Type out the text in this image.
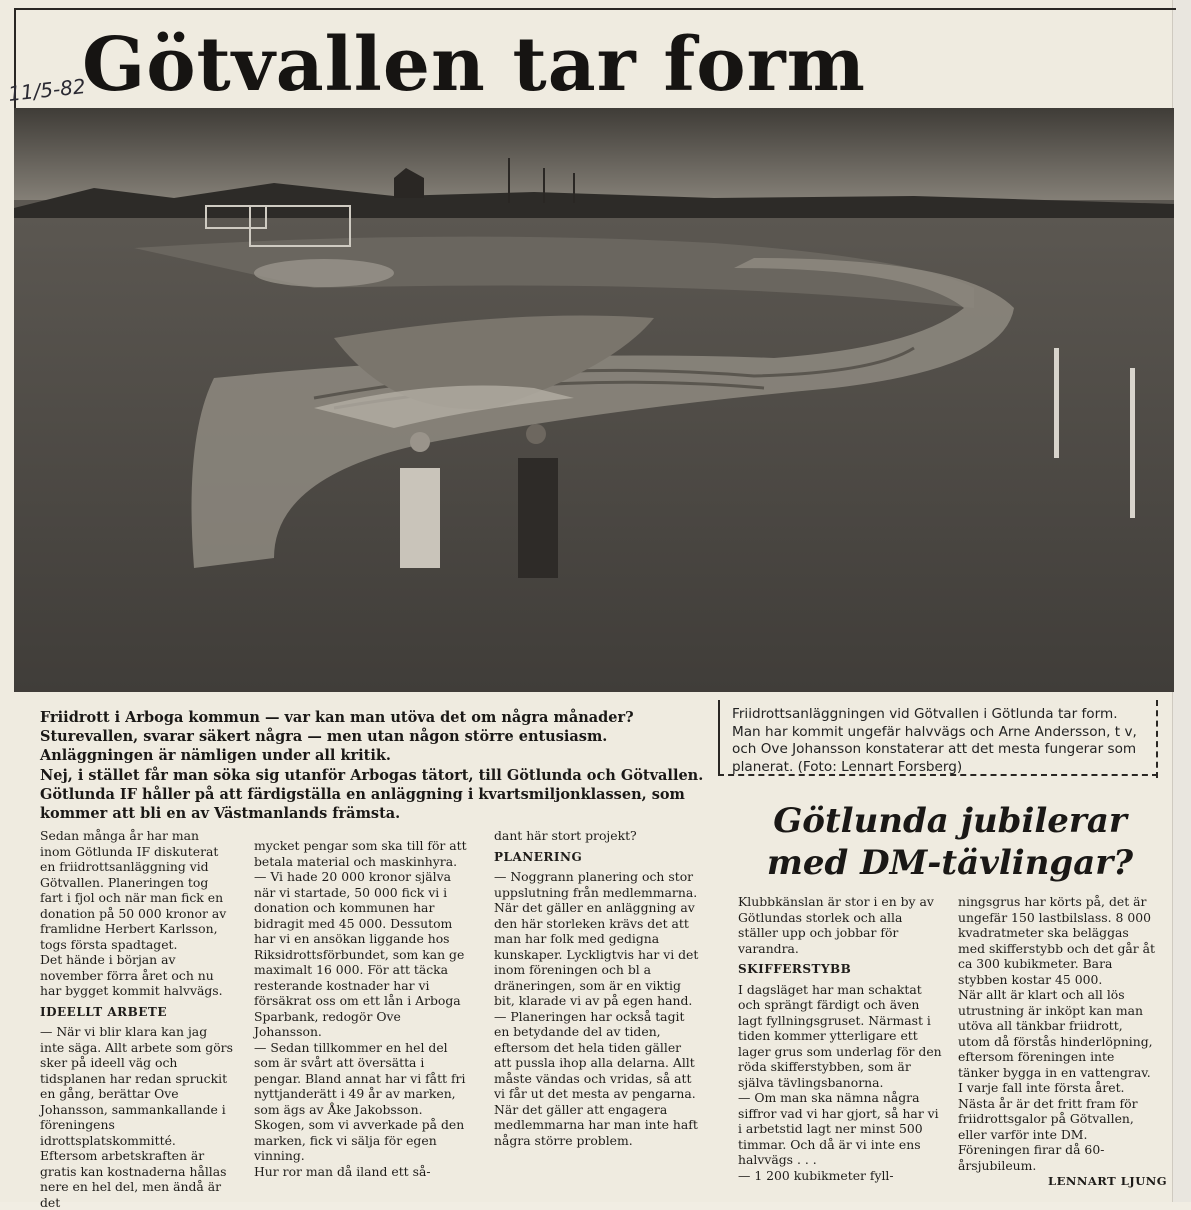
Götvallen tar form
11/5-82
Friidrottsanläggningen vid Götvallen i Götlunda tar form. Man har kommit ungefär halvvägs och Arne Andersson, t v, och Ove Johansson konstaterar att det mesta fungerar som planerat. (Foto: Lennart Forsberg)

Friidrott i Arboga kommun — var kan man utöva det om några månader?

Sturevallen, svarar säkert några — men utan någon större entusiasm. Anläggningen är nämligen under all kritik.

Nej, i stället får man söka sig utanför Arbogas tätort, till Götlunda och Götvallen. Götlunda IF håller på att färdigställa en anläggning i kvartsmiljonklassen, som kommer att bli en av Västmanlands främsta.

Sedan många år har man inom Götlunda IF diskuterat en friidrottsanläggning vid Götvallen. Planeringen tog fart i fjol och när man fick en donation på 50 000 kronor av framlidne Herbert Karlsson, togs första spadtaget.

Det hände i början av november förra året och nu har bygget kommit halvvägs.

IDEELLT ARBETE

— När vi blir klara kan jag inte säga. Allt arbete som görs sker på ideell väg och tidsplanen har redan spruckit en gång, berättar Ove Johansson, sammankallande i föreningens idrottsplatskommitté.

Eftersom arbetskraften är gratis kan kostnaderna hållas nere en hel del, men ändå är det

mycket pengar som ska till för att betala material och maskinhyra.

— Vi hade 20 000 kronor själva när vi startade, 50 000 fick vi i donation och kommunen har bidragit med 45 000. Dessutom har vi en ansökan liggande hos Riksidrottsförbundet, som kan ge maximalt 16 000. För att täcka resterande kostnader har vi försäkrat oss om ett lån i Arboga Sparbank, redogör Ove Johansson.

— Sedan tillkommer en hel del som är svårt att översätta i pengar. Bland annat har vi fått fri nyttjanderätt i 49 år av marken, som ägs av Åke Jakobsson. Skogen, som vi avverkade på den marken, fick vi sälja för egen vinning.

Hur ror man då iland ett så-

dant här stort projekt?

PLANERING

— Noggrann planering och stor uppslutning från medlemmarna. När det gäller en anläggning av den här storleken krävs det att man har folk med gedigna kunskaper. Lyckligtvis har vi det inom föreningen och bl a dräneringen, som är en viktig bit, klarade vi av på egen hand.

— Planeringen har också tagit en betydande del av tiden, eftersom det hela tiden gäller att pussla ihop alla delarna. Allt måste vändas och vridas, så att vi får ut det mesta av pengarna.

När det gäller att engagera medlemmarna har man inte haft några större problem.

Götlunda jubilerar med DM-tävlingar?

Klubbkänslan är stor i en by av Götlundas storlek och alla ställer upp och jobbar för varandra.

SKIFFERSTYBB

I dagsläget har man schaktat och sprängt färdigt och även lagt fyllningsgruset. Närmast i tiden kommer ytterligare ett lager grus som underlag för den röda skifferstybben, som är själva tävlingsbanorna.

— Om man ska nämna några siffror vad vi har gjort, så har vi i arbetstid lagt ner minst 500 timmar. Och då är vi inte ens halvvägs . . .

— 1 200 kubikmeter fyll-

ningsgrus har körts på, det är ungefär 150 lastbilslass. 8 000 kvadratmeter ska beläggas med skifferstybb och det går åt ca 300 kubikmeter. Bara stybben kostar 45 000.

När allt är klart och all lös utrustning är inköpt kan man utöva all tänkbar friidrott, utom då förstås hinderlöpning, eftersom föreningen inte tänker bygga in en vattengrav. I varje fall inte första året.

Nästa år är det fritt fram för friidrottsgalor på Götvallen, eller varför inte DM. Föreningen firar då 60-årsjubileum.

LENNART LJUNG
